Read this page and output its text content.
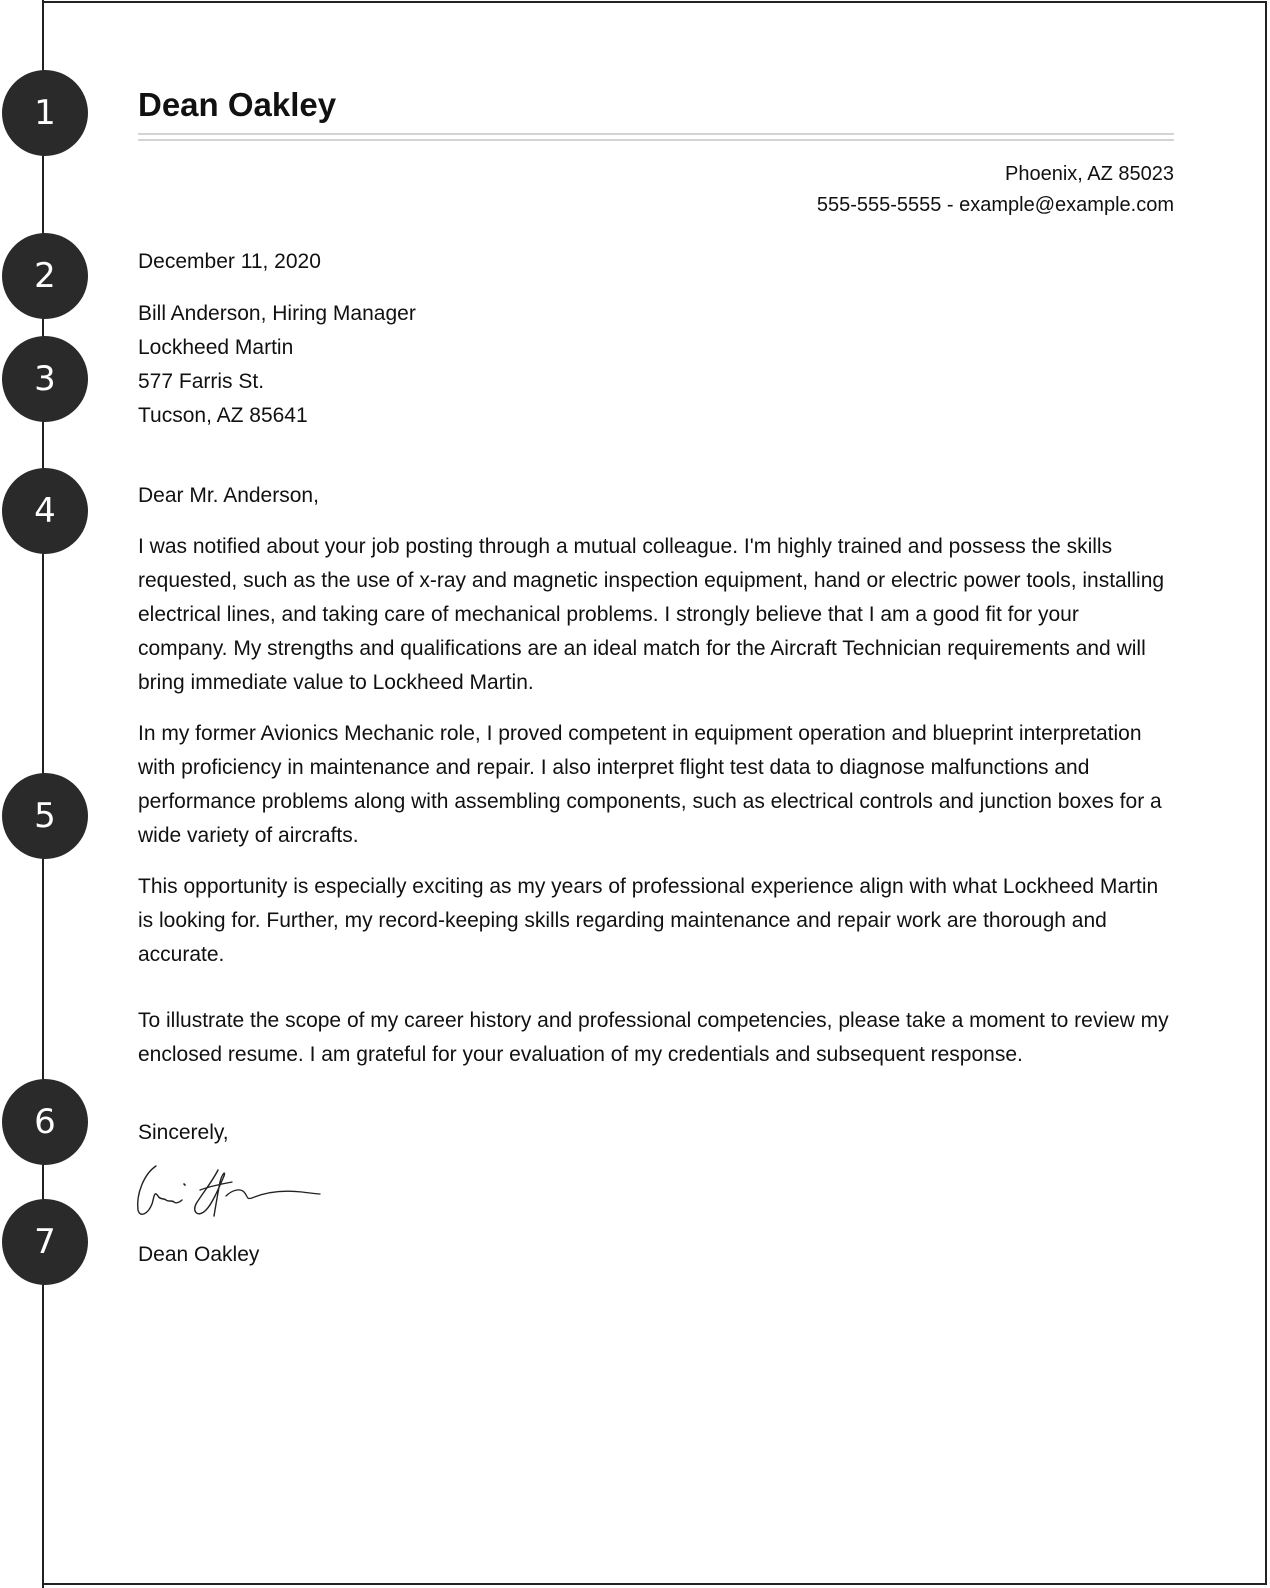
1
2
3
4
5
6
7
Dean Oakley
Phoenix, AZ 85023
555-555-5555 - example@example.com

December 11, 2020

Bill Anderson, Hiring Manager
Lockheed Martin
577 Farris St.
Tucson, AZ 85641

Dear Mr. Anderson,

I was notified about your job posting through a mutual colleague. I'm highly trained and possess the skills requested, such as the use of x-ray and magnetic inspection equipment, hand or electric power tools, installing electrical lines, and taking care of mechanical problems. I strongly believe that I am a good fit for your company. My strengths and qualifications are an ideal match for the Aircraft Technician requirements and will bring immediate value to Lockheed Martin.

In my former Avionics Mechanic role, I proved competent in equipment operation and blueprint interpretation with proficiency in maintenance and repair. I also interpret flight test data to diagnose malfunctions and performance problems along with assembling components, such as electrical controls and junction boxes for a wide variety of aircrafts.

This opportunity is especially exciting as my years of professional experience align with what Lockheed Martin is looking for. Further, my record-keeping skills regarding maintenance and repair work are thorough and accurate.

To illustrate the scope of my career history and professional competencies, please take a moment to review my enclosed resume. I am grateful for your evaluation of my credentials and subsequent response.

Sincerely,

Dean Oakley
